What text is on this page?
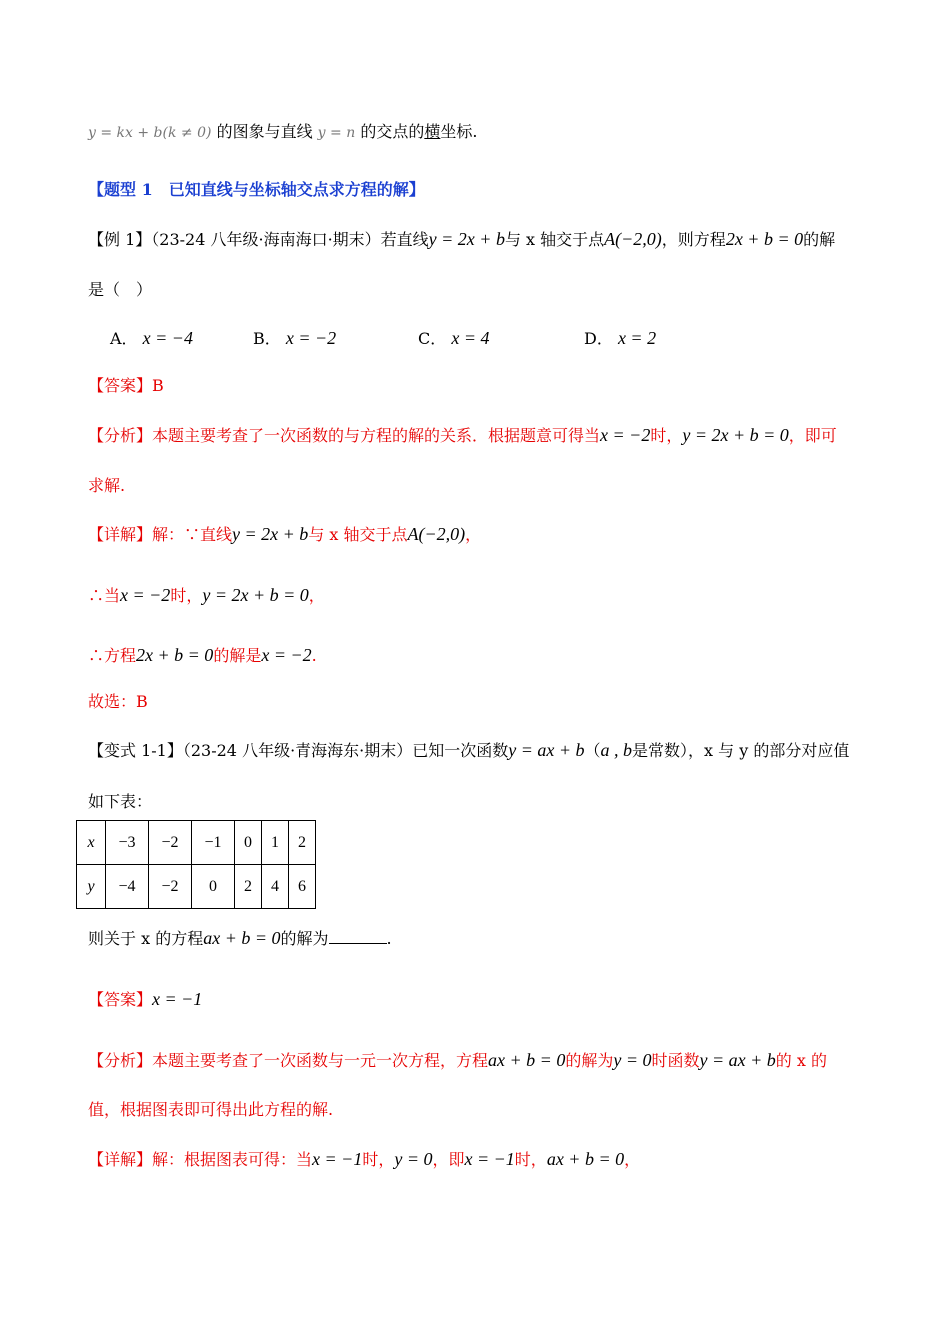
y = kx + b(k ≠ 0) 的图象与直线 y = n 的交点的横坐标.
【题型 1　已知直线与坐标轴交点求方程的解】
【例 1】（23-24 八年级·海南海口·期末）若直线y = 2x + b与 x 轴交于点A(−2,0)，则方程2x + b = 0的解
是（　）
A． x = −4	B． x = −2	C． x = 4	D． x = 2
【答案】B
【分析】本题主要考查了一次函数的与方程的解的关系．根据题意可得当x = −2时，y = 2x + b = 0，即可
求解.
【详解】解：∵直线y = 2x + b与 x 轴交于点A(−2,0)，
∴当x = −2时，y = 2x + b = 0，
∴方程2x + b = 0的解是x = −2.
故选：B
【变式 1-1】（23-24 八年级·青海海东·期末）已知一次函数y = ax + b（a , b是常数），x 与 y 的部分对应值
如下表：
x	−3	−2	−1	0	1	2
y	−4	−2	0	2	4	6
则关于 x 的方程ax + b = 0的解为	.
【答案】x = −1
【分析】本题主要考查了一次函数与一元一次方程，方程ax + b = 0的解为y = 0时函数y = ax + b的 x 的
值，根据图表即可得出此方程的解.
【详解】解：根据图表可得：当x = −1时，y = 0，即x = −1时，ax + b = 0，
